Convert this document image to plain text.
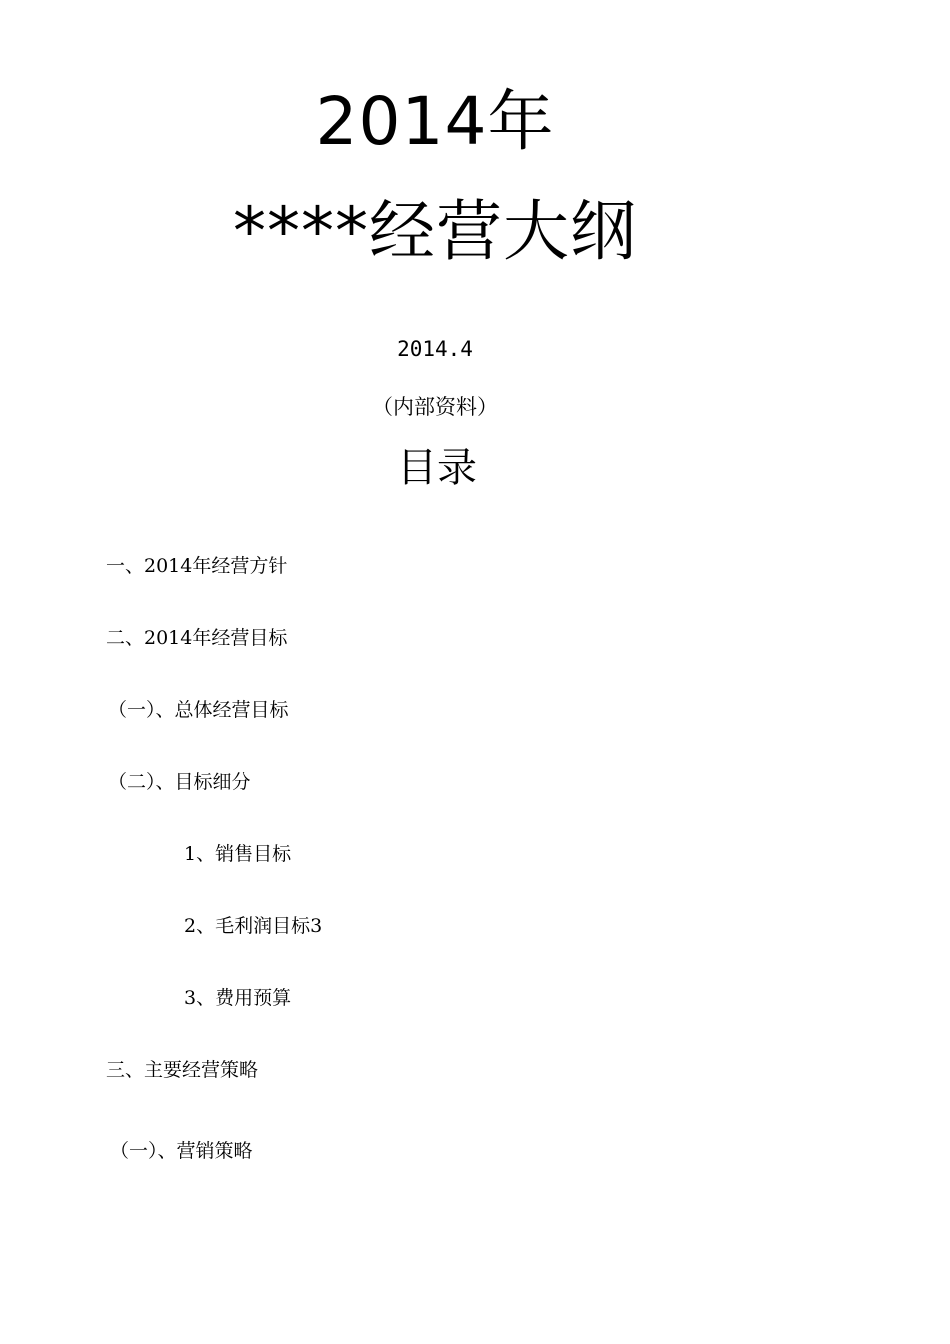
2014年
****经营大纲
2014.4
（内部资料）
目录
一、2014年经营方针
二、2014年经营目标
（一）、总体经营目标
（二）、目标细分
1、销售目标
2、毛利润目标3
3、费用预算
三、主要经营策略
（一）、营销策略
